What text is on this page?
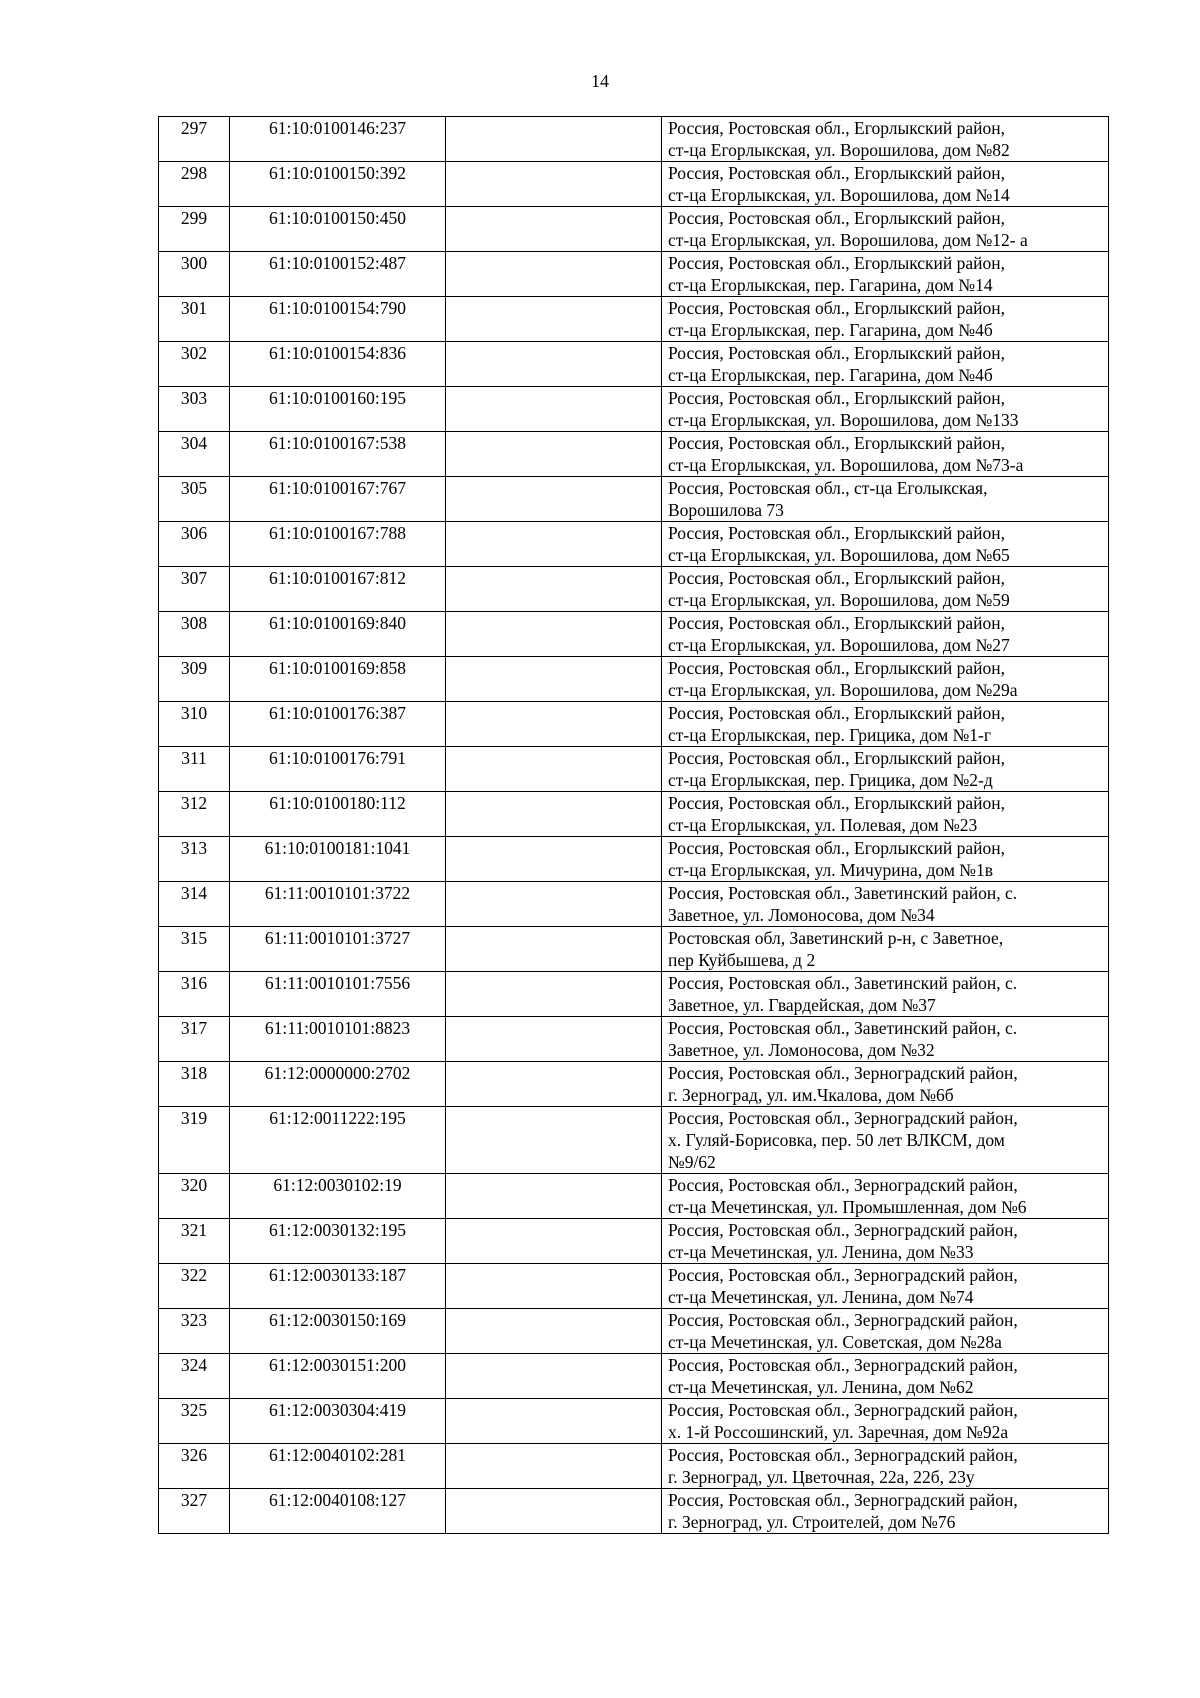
14
297	61:10:0100146:237		Россия, Ростовская обл., Егорлыкский район,
ст-ца Егорлыкская, ул. Ворошилова, дом №82

298	61:10:0100150:392		Россия, Ростовская обл., Егорлыкский район,
ст-ца Егорлыкская, ул. Ворошилова, дом №14

299	61:10:0100150:450		Россия, Ростовская обл., Егорлыкский район,
ст-ца Егорлыкская, ул. Ворошилова, дом №12- а

300	61:10:0100152:487		Россия, Ростовская обл., Егорлыкский район,
ст-ца Егорлыкская, пер. Гагарина, дом №14

301	61:10:0100154:790		Россия, Ростовская обл., Егорлыкский район,
ст-ца Егорлыкская, пер. Гагарина, дом №4б

302	61:10:0100154:836		Россия, Ростовская обл., Егорлыкский район,
ст-ца Егорлыкская, пер. Гагарина, дом №4б

303	61:10:0100160:195		Россия, Ростовская обл., Егорлыкский район,
ст-ца Егорлыкская, ул. Ворошилова, дом №133

304	61:10:0100167:538		Россия, Ростовская обл., Егорлыкский район,
ст-ца Егорлыкская, ул. Ворошилова, дом №73-а

305	61:10:0100167:767		Россия, Ростовская обл., ст-ца Еголыкская,
Ворошилова 73

306	61:10:0100167:788		Россия, Ростовская обл., Егорлыкский район,
ст-ца Егорлыкская, ул. Ворошилова, дом №65

307	61:10:0100167:812		Россия, Ростовская обл., Егорлыкский район,
ст-ца Егорлыкская, ул. Ворошилова, дом №59

308	61:10:0100169:840		Россия, Ростовская обл., Егорлыкский район,
ст-ца Егорлыкская, ул. Ворошилова, дом №27

309	61:10:0100169:858		Россия, Ростовская обл., Егорлыкский район,
ст-ца Егорлыкская, ул. Ворошилова, дом №29а

310	61:10:0100176:387		Россия, Ростовская обл., Егорлыкский район,
ст-ца Егорлыкская, пер. Грицика, дом №1-г

311	61:10:0100176:791		Россия, Ростовская обл., Егорлыкский район,
ст-ца Егорлыкская, пер. Грицика, дом №2-д

312	61:10:0100180:112		Россия, Ростовская обл., Егорлыкский район,
ст-ца Егорлыкская, ул. Полевая, дом №23

313	61:10:0100181:1041		Россия, Ростовская обл., Егорлыкский район,
ст-ца Егорлыкская, ул. Мичурина, дом №1в

314	61:11:0010101:3722		Россия, Ростовская обл., Заветинский район, с.
Заветное, ул. Ломоносова, дом №34

315	61:11:0010101:3727		Ростовская обл, Заветинский р-н, с Заветное,
пер Куйбышева, д 2

316	61:11:0010101:7556		Россия, Ростовская обл., Заветинский район, с.
Заветное, ул. Гвардейская, дом №37

317	61:11:0010101:8823		Россия, Ростовская обл., Заветинский район, с.
Заветное, ул. Ломоносова, дом №32

318	61:12:0000000:2702		Россия, Ростовская обл., Зерноградский район,
г. Зерноград, ул. им.Чкалова, дом №6б

319	61:12:0011222:195		Россия, Ростовская обл., Зерноградский район,
х. Гуляй-Борисовка, пер. 50 лет ВЛКСМ, дом
№9/62

320	61:12:0030102:19		Россия, Ростовская обл., Зерноградский район,
ст-ца Мечетинская, ул. Промышленная, дом №6

321	61:12:0030132:195		Россия, Ростовская обл., Зерноградский район,
ст-ца Мечетинская, ул. Ленина, дом №33

322	61:12:0030133:187		Россия, Ростовская обл., Зерноградский район,
ст-ца Мечетинская, ул. Ленина, дом №74

323	61:12:0030150:169		Россия, Ростовская обл., Зерноградский район,
ст-ца Мечетинская, ул. Советская, дом №28а

324	61:12:0030151:200		Россия, Ростовская обл., Зерноградский район,
ст-ца Мечетинская, ул. Ленина, дом №62

325	61:12:0030304:419		Россия, Ростовская обл., Зерноградский район,
х. 1-й Россошинский, ул. Заречная, дом №92а

326	61:12:0040102:281		Россия, Ростовская обл., Зерноградский район,
г. Зерноград, ул. Цветочная, 22а, 22б, 23у

327	61:12:0040108:127		Россия, Ростовская обл., Зерноградский район,
г. Зерноград, ул. Строителей, дом №76
